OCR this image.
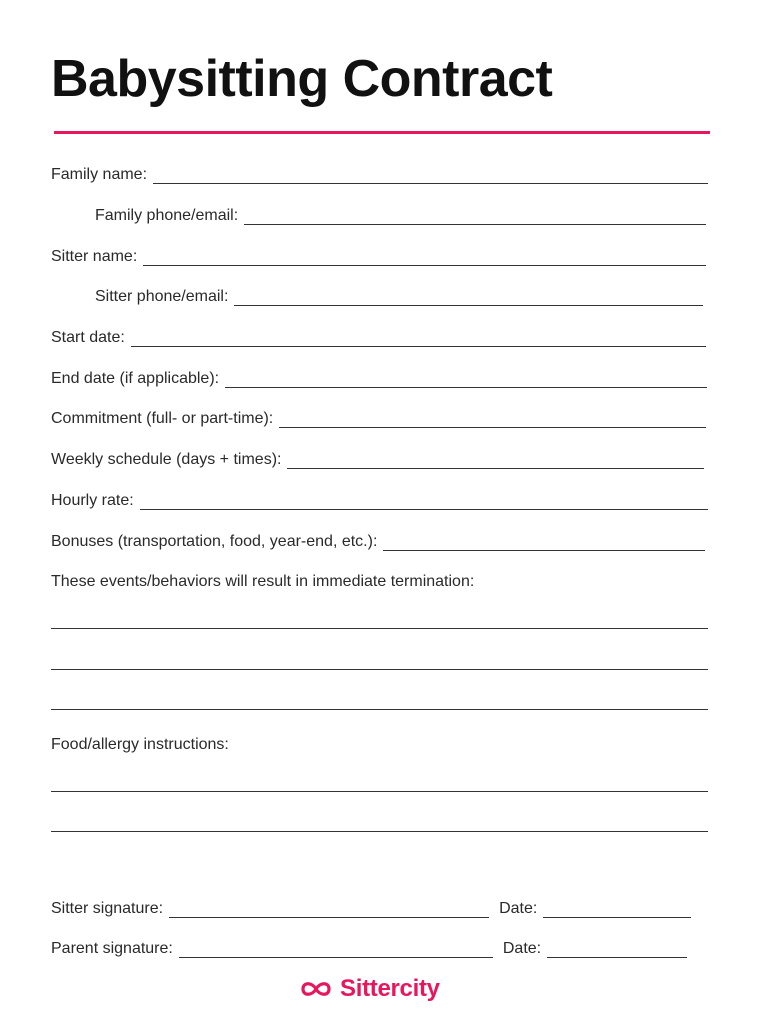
Babysitting Contract
Family name:
Family phone/email:
Sitter name:
Sitter phone/email:
Start date:
End date (if applicable):
Commitment (full- or part-time):
Weekly schedule (days + times):
Hourly rate:
Bonuses (transportation, food, year-end, etc.):
These events/behaviors will result in immediate termination:
Food/allergy instructions:
Sitter signature:	Date:
Parent signature:	Date:
Sittercity
